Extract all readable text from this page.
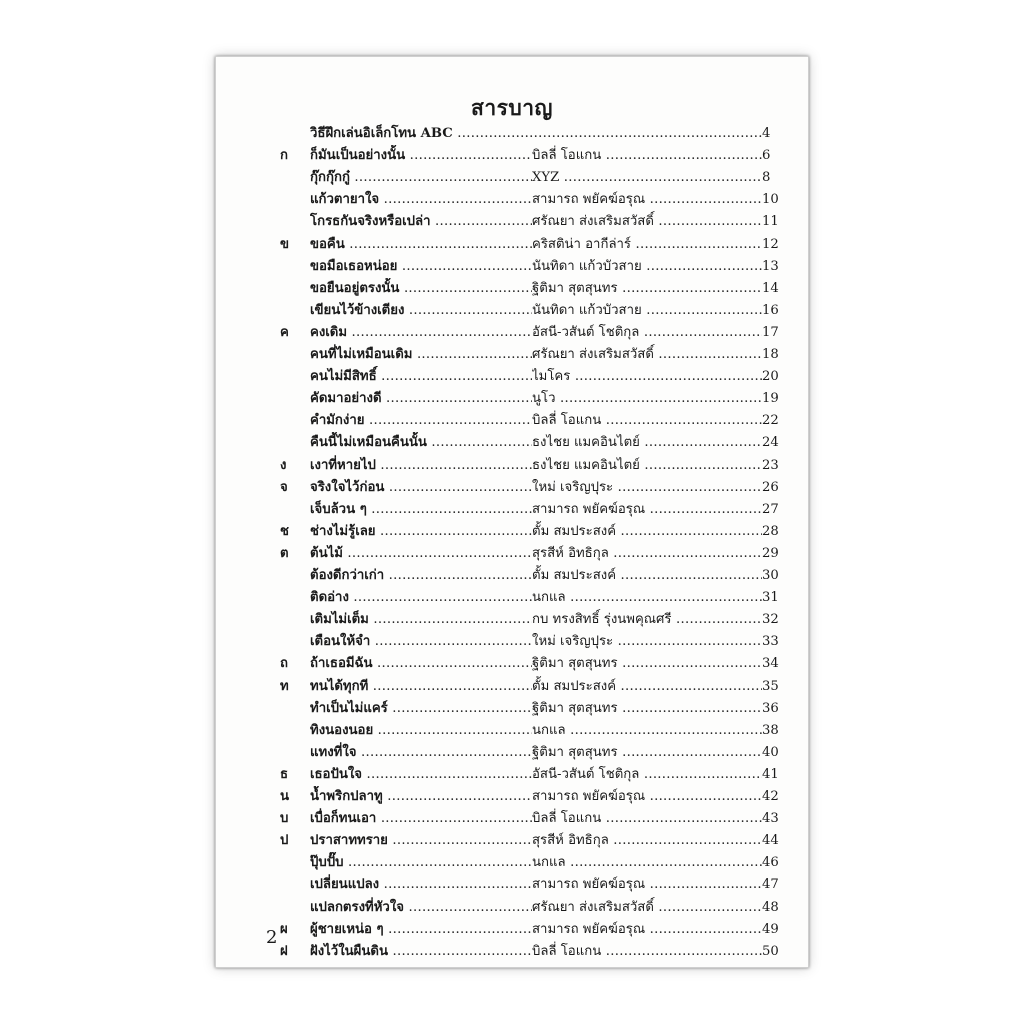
สารบาญ
วิธีฝึกเล่นอิเล็กโทน ABC .....	4
ก	ก็มันเป็นอย่างนั้น .....	บิลลี่ โอแกน .....	6
กุ๊กกุ๊กกู๋ .....	XYZ .....	8
แก้วตายาใจ .....	สามารถ พยัคฆ์อรุณ .....	10
โกรธกันจริงหรือเปล่า .....	ศรัณยา ส่งเสริมสวัสดิ์ .....	11
ข	ขอคืน .....	คริสติน่า อากีล่าร์ .....	12
ขอมือเธอหน่อย .....	นันทิดา แก้วบัวสาย .....	13
ขอยืนอยู่ตรงนั้น .....	ฐิติมา สุตสุนทร .....	14
เขียนไว้ข้างเตียง .....	นันทิดา แก้วบัวสาย .....	16
ค	คงเดิม .....	อัสนี-วสันต์ โชติกุล .....	17
คนที่ไม่เหมือนเดิม .....	ศรัณยา ส่งเสริมสวัสดิ์ .....	18
คนไม่มีสิทธิ์ .....	ไมโคร .....	20
คัดมาอย่างดี .....	นูโว .....	19
คำมักง่าย .....	บิลลี่ โอแกน .....	22
คืนนี้ไม่เหมือนคืนนั้น .....	ธงไชย แมคอินไตย์ .....	24
ง	เงาที่หายไป .....	ธงไชย แมคอินไตย์ .....	23
จ	จริงใจไว้ก่อน .....	ใหม่ เจริญปุระ .....	26
เจ็บล้วน ๆ .....	สามารถ พยัคฆ์อรุณ .....	27
ช	ช่างไม่รู้เลย .....	ตั้ม สมประสงค์ .....	28
ต	ต้นไม้ .....	สุรสีห์ อิทธิกุล .....	29
ต้องดีกว่าเก่า .....	ตั้ม สมประสงค์ .....	30
ติดอ่าง .....	นกแล .....	31
เติมไม่เต็ม .....	กบ ทรงสิทธิ์ รุ่งนพคุณศรี .....	32
เตือนให้จำ .....	ใหม่ เจริญปุระ .....	33
ถ	ถ้าเธอมีฉัน .....	ฐิติมา สุตสุนทร .....	34
ท	ทนได้ทุกที .....	ตั้ม สมประสงค์ .....	35
ทำเป็นไม่แคร์ .....	ฐิติมา สุตสุนทร .....	36
ทิงนองนอย .....	นกแล .....	38
แทงที่ใจ .....	ฐิติมา สุตสุนทร .....	40
ธ	เธอปันใจ .....	อัสนี-วสันต์ โชติกุล .....	41
น	น้ำพริกปลาทู .....	สามารถ พยัคฆ์อรุณ .....	42
บ	เบื่อก็ทนเอา .....	บิลลี่ โอแกน .....	43
ป	ปราสาททราย .....	สุรสีห์ อิทธิกุล .....	44
ปุ๊บปั๊บ .....	นกแล .....	46
เปลี่ยนแปลง .....	สามารถ พยัคฆ์อรุณ .....	47
แปลกตรงที่หัวใจ .....	ศรัณยา ส่งเสริมสวัสดิ์ .....	48
ผ	ผู้ชายเหน่อ ๆ .....	สามารถ พยัคฆ์อรุณ .....	49
ฝ	ฝังไว้ในผืนดิน .....	บิลลี่ โอแกน .....	50
2
